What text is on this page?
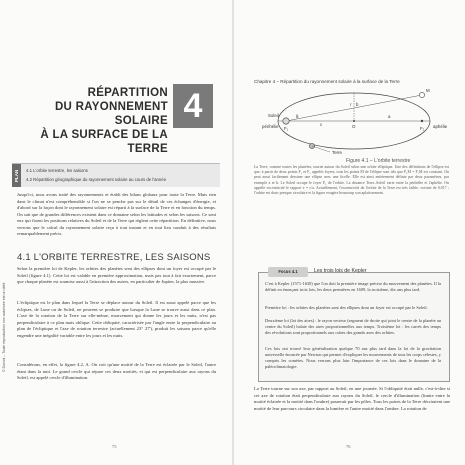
© Dunod – Toute reproduction non autorisée est un délit.
RÉPARTITION
DU RAYONNEMENT SOLAIRE
À LA SURFACE DE LA TERRE
4
PLAN	4.1 L'orbite terrestre, les saisons
4.2 Répartition géographique du rayonnement solaire au cours de l'année

Jusqu'ici, nous avons traité des rayonnements et établi des bilans globaux pour toute la Terre. Mais rien dans le climat n'est compréhensible si l'on ne se penche pas sur le détail de ces échanges d'énergie, et d'abord sur la façon dont le rayonnement solaire est réparti à la surface de la Terre et en fonction du temps. On sait que de grandes différences existent dans ce domaine selon les latitudes et selon les saisons. Ce sont eux qui fixent les positions relatives du Soleil et de la Terre qui règlent cette répartition. En définitive, nous verrons que le calcul du rayonnement solaire reçu à tout instant et en tout lieu conduit à des résultats remarquablement précis.

4.1 L'ORBITE TERRESTRE, LES SAISONS

Selon la première loi de Kepler, les orbites des planètes sont des ellipses dont un foyer est occupé par le Soleil (figure 4.1). Cette loi est valable en première approximation, mais pas tout à fait exactement, parce que chaque planète est soumise aussi à l'attraction des autres, en particulier de Jupiter, la plus massive.

L'écliptique est le plan dans lequel la Terre se déplace autour du Soleil. Il est aussi appelé parce que les éclipses, de Lune ou de Soleil, ne peuvent se produire que lorsque la Lune se trouve aussi dans ce plan. L'axe de la rotation de la Terre sur elle-même, mouvement qui donne les jours et les nuits, n'est pas perpendiculaire à ce plan mais oblique. Cette obliquité, caractérisée par l'angle entre la perpendiculaire au plan de l'écliptique et l'axe de rotation terrestre (actuellement 23° 27'), produit les saisons parce qu'elle engendre une inégalité variable entre les jours et les nuits.

Considérons, en effet, la figure 4.2, A. On voit qu'une moitié de la Terre est éclairée par le Soleil, l'autre étant dans la nuit. Le grand cercle qui sépare ces deux moitiés, et qui est perpendiculaire aux rayons du Soleil, est appelé cercle d'illumination.

75
Chapitre 4 – Répartition du rayonnement solaire à la surface de la Terre
Soleil
périhélie	aphélie
Terre
M
a
b
c	O
F₁	F₂
r
θ
Figure 4.1 – L'orbite terrestre

La Terre, comme toutes les planètes, tourne autour du Soleil selon une orbite elliptique. Une des définitions de l'ellipse est que, à partir de deux points F₁ et F₂ appelés foyers, tous les points M de l'ellipse sont tels que F₁M + F₂M est constant. On peut aussi facilement dessiner une ellipse avec une ficelle. Elle est ainsi entièrement définie par deux paramètres, par exemple a et b. Le Soleil occupe le foyer F₁ de l'orbite. La distance Terre–Soleil varie entre la périhélie et l'aphélie. On appelle excentricité le rapport e = c/a. Actuellement, l'excentricité de l'orbite de la Terre est très faible, voisine de 0,017 ; l'orbite est donc presque circulaire et la figure exagère beaucoup son aplatissement.

Focus 4.1	Les trois lois de Kepler

C'est à Kepler (1571-1630) que l'on doit la première image précise du mouvement des planètes. Il la définit en énonçant trois lois, les deux premières en 1609, la troisième, dix ans plus tard.

Première loi : les orbites des planètes sont des ellipses dont un foyer est occupé par le Soleil.

Deuxième loi (loi des aires) : le rayon vecteur (segment de droite qui joint le centre de la planète au centre du Soleil) balaie des aires proportionnelles aux temps. Troisième loi : les carrés des temps des révolutions sont proportionnels aux cubes des grands axes des orbites.

Ces lois ont trouvé leur généralisation quelque 70 ans plus tard dans la loi de la gravitation universelle énoncée par Newton qui permet d'expliquer les mouvements de tous les corps célestes, y compris les comètes. Nous verrons plus loin l'importance de ces lois dans le domaine de la paléoclimatologie.

La Terre tourne sur son axe, par rapport au Soleil, en une journée. Si l'obliquité était nulle, c'est-à-dire si cet axe de rotation était perpendiculaire aux rayons du Soleil, le cercle d'illumination (limite entre la moitié éclairée et la moitié dans l'ombre) passerait par les pôles. Tous les points de la Terre décriraient une moitié de leur parcours circulaire dans la lumière et l'autre moitié dans l'ombre. La rotation de

76
